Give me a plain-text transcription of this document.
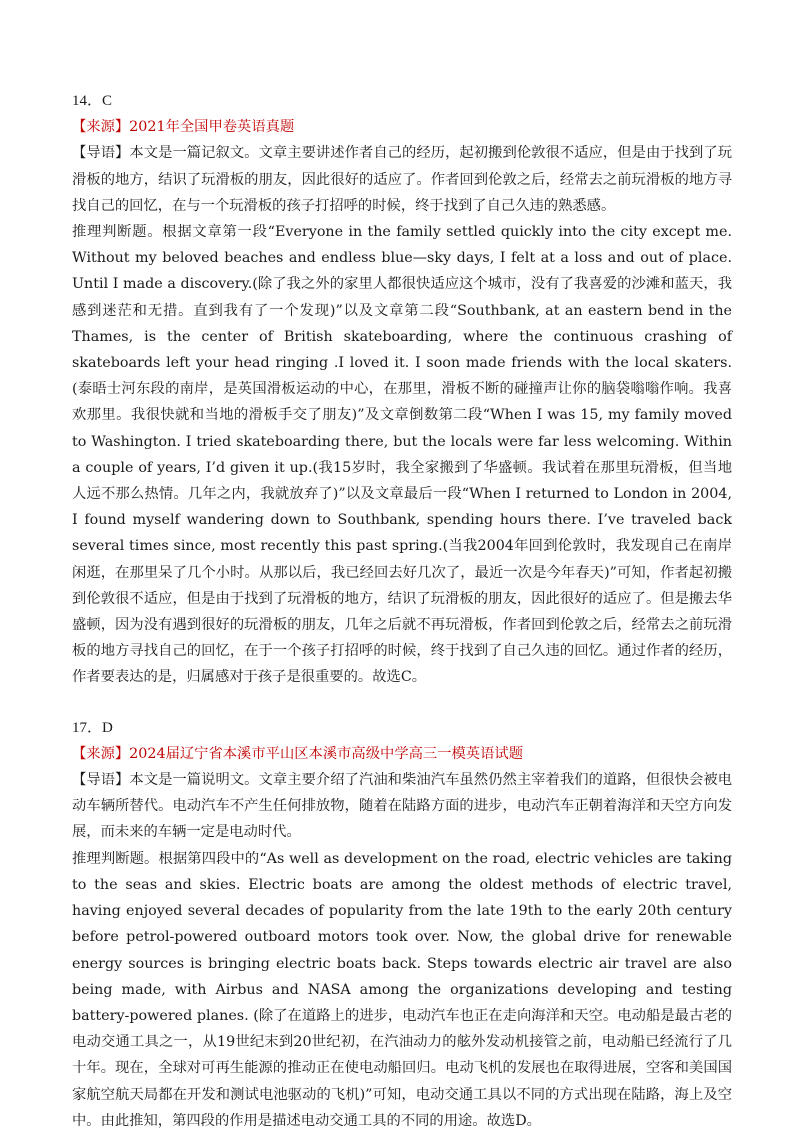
14．C

【来源】2021年全国甲卷英语真题

【导语】本文是一篇记叙文。文章主要讲述作者自己的经历，起初搬到伦敦很不适应，但是由于找到了玩滑板的地方，结识了玩滑板的朋友，因此很好的适应了。作者回到伦敦之后，经常去之前玩滑板的地方寻找自己的回忆，在与一个玩滑板的孩子打招呼的时候，终于找到了自己久违的熟悉感。

推理判断题。根据文章第一段“Everyone in the family settled quickly into the city except me. Without my beloved beaches and endless blue—sky days, I felt at a loss and out of place. Until I made a discovery.(除了我之外的家里人都很快适应这个城市，没有了我喜爱的沙滩和蓝天，我感到迷茫和无措。直到我有了一个发现)”以及文章第二段“Southbank, at an eastern bend in the Thames, is the center of British skateboarding, where the continuous crashing of skateboards left your head ringing .I loved it. I soon made friends with the local skaters.(泰晤士河东段的南岸，是英国滑板运动的中心，在那里，滑板不断的碰撞声让你的脑袋嗡嗡作响。我喜欢那里。我很快就和当地的滑板手交了朋友)”及文章倒数第二段“When I was 15, my family moved to Washington. I tried skateboarding there, but the locals were far less welcoming. Within a couple of years, I’d given it up.(我15岁时，我全家搬到了华盛顿。我试着在那里玩滑板，但当地人远不那么热情。几年之内，我就放弃了)”以及文章最后一段“When I returned to London in 2004, I found myself wandering down to Southbank, spending hours there. I’ve traveled back several times since, most recently this past spring.(当我2004年回到伦敦时，我发现自己在南岸闲逛，在那里呆了几个小时。从那以后，我已经回去好几次了，最近一次是今年春天)”可知，作者起初搬到伦敦很不适应，但是由于找到了玩滑板的地方，结识了玩滑板的朋友，因此很好的适应了。但是搬去华盛顿，因为没有遇到很好的玩滑板的朋友，几年之后就不再玩滑板，作者回到伦敦之后，经常去之前玩滑板的地方寻找自己的回忆，在于一个孩子打招呼的时候，终于找到了自己久违的回忆。通过作者的经历，作者要表达的是，归属感对于孩子是很重要的。故选C。

17．D

【来源】2024届辽宁省本溪市平山区本溪市高级中学高三一模英语试题

【导语】本文是一篇说明文。文章主要介绍了汽油和柴油汽车虽然仍然主宰着我们的道路，但很快会被电动车辆所替代。电动汽车不产生任何排放物，随着在陆路方面的进步，电动汽车正朝着海洋和天空方向发展，而未来的车辆一定是电动时代。

推理判断题。根据第四段中的“As well as development on the road, electric vehicles are taking to the seas and skies. Electric boats are among the oldest methods of electric travel, having enjoyed several decades of popularity from the late 19th to the early 20th century before petrol-powered outboard motors took over. Now, the global drive for renewable energy sources is bringing electric boats back. Steps towards electric air travel are also being made, with Airbus and NASA among the organizations developing and testing battery-powered planes. (除了在道路上的进步，电动汽车也正在走向海洋和天空。电动船是最古老的电动交通工具之一，从19世纪末到20世纪初，在汽油动力的舷外发动机接管之前，电动船已经流行了几十年。现在，全球对可再生能源的推动正在使电动船回归。电动飞机的发展也在取得进展，空客和美国国家航空航天局都在开发和测试电池驱动的飞机)”可知，电动交通工具以不同的方式出现在陆路，海上及空中。由此推知，第四段的作用是描述电动交通工具的不同的用途。故选D。
